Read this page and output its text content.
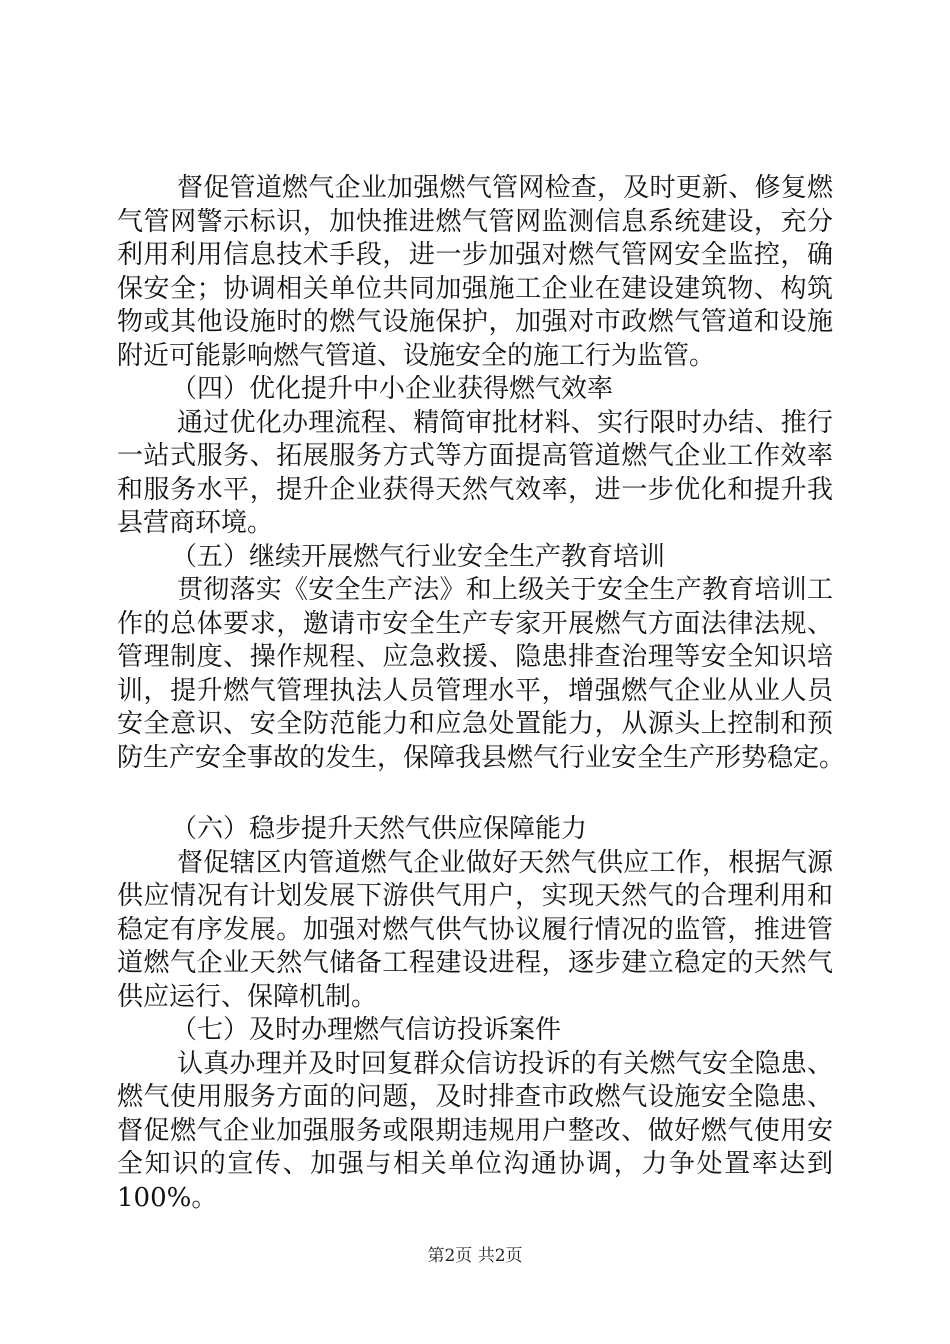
督促管道燃气企业加强燃气管网检查，及时更新、修复燃
气管网警示标识，加快推进燃气管网监测信息系统建设，充分
利用利用信息技术手段，进一步加强对燃气管网安全监控，确
保安全；协调相关单位共同加强施工企业在建设建筑物、构筑
物或其他设施时的燃气设施保护，加强对市政燃气管道和设施
附近可能影响燃气管道、设施安全的施工行为监管。
（四）优化提升中小企业获得燃气效率
通过优化办理流程、精简审批材料、实行限时办结、推行
一站式服务、拓展服务方式等方面提高管道燃气企业工作效率
和服务水平，提升企业获得天然气效率，进一步优化和提升我
县营商环境。
（五）继续开展燃气行业安全生产教育培训
贯彻落实《安全生产法》和上级关于安全生产教育培训工
作的总体要求，邀请市安全生产专家开展燃气方面法律法规、
管理制度、操作规程、应急救援、隐患排查治理等安全知识培
训，提升燃气管理执法人员管理水平，增强燃气企业从业人员
安全意识、安全防范能力和应急处置能力，从源头上控制和预
防生产安全事故的发生，保障我县燃气行业安全生产形势稳定。
（六）稳步提升天然气供应保障能力
督促辖区内管道燃气企业做好天然气供应工作，根据气源
供应情况有计划发展下游供气用户，实现天然气的合理利用和
稳定有序发展。加强对燃气供气协议履行情况的监管，推进管
道燃气企业天然气储备工程建设进程，逐步建立稳定的天然气
供应运行、保障机制。
（七）及时办理燃气信访投诉案件
认真办理并及时回复群众信访投诉的有关燃气安全隐患、
燃气使用服务方面的问题，及时排查市政燃气设施安全隐患、
督促燃气企业加强服务或限期违规用户整改、做好燃气使用安
全知识的宣传、加强与相关单位沟通协调，力争处置率达到
100%。
第2页 共2页
